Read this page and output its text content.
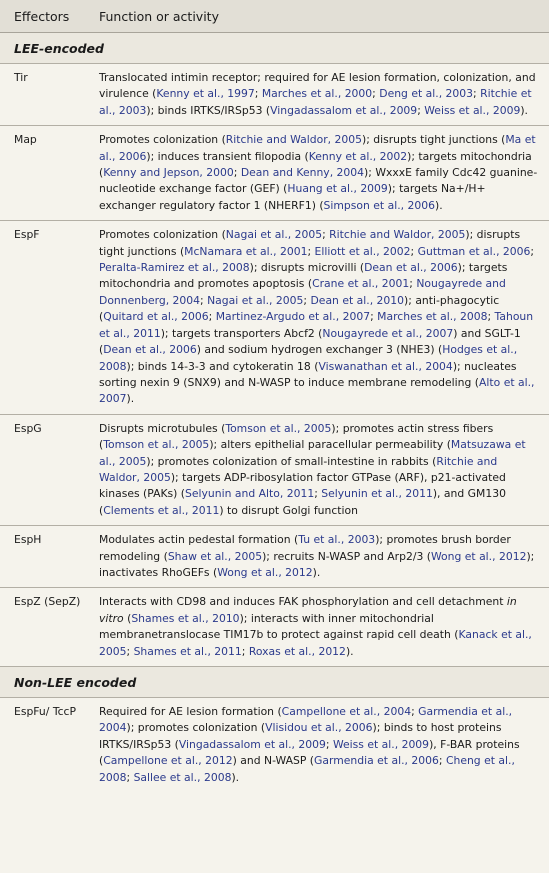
Effectors	Function or activity
LEE-encoded
Tir	Translocated intimin receptor; required for AE lesion formation, colonization, and virulence (Kenny et al., 1997; Marches et al., 2000; Deng et al., 2003; Ritchie et al., 2003); binds IRTKS/IRSp53 (Vingadassalom et al., 2009; Weiss et al., 2009).
Map	Promotes colonization (Ritchie and Waldor, 2005); disrupts tight junctions (Ma et al., 2006); induces transient filopodia (Kenny et al., 2002); targets mitochondria (Kenny and Jepson, 2000; Dean and Kenny, 2004); WxxxE family Cdc42 guanine-nucleotide exchange factor (GEF) (Huang et al., 2009); targets Na+/H+ exchanger regulatory factor 1 (NHERF1) (Simpson et al., 2006).
EspF	Promotes colonization (Nagai et al., 2005; Ritchie and Waldor, 2005); disrupts tight junctions (McNamara et al., 2001; Elliott et al., 2002; Guttman et al., 2006; Peralta-Ramirez et al., 2008); disrupts microvilli (Dean et al., 2006); targets mitochondria and promotes apoptosis (Crane et al., 2001; Nougayrede and Donnenberg, 2004; Nagai et al., 2005; Dean et al., 2010); anti-phagocytic (Quitard et al., 2006; Martinez-Argudo et al., 2007; Marches et al., 2008; Tahoun et al., 2011); targets transporters Abcf2 (Nougayrede et al., 2007) and SGLT-1 (Dean et al., 2006) and sodium hydrogen exchanger 3 (NHE3) (Hodges et al., 2008); binds 14-3-3 and cytokeratin 18 (Viswanathan et al., 2004); nucleates sorting nexin 9 (SNX9) and N-WASP to induce membrane remodeling (Alto et al., 2007).
EspG	Disrupts microtubules (Tomson et al., 2005); promotes actin stress fibers (Tomson et al., 2005); alters epithelial paracellular permeability (Matsuzawa et al., 2005); promotes colonization of small-intestine in rabbits (Ritchie and Waldor, 2005); targets ADP-ribosylation factor GTPase (ARF), p21-activated kinases (PAKs) (Selyunin and Alto, 2011; Selyunin et al., 2011), and GM130 (Clements et al., 2011) to disrupt Golgi function
EspH	Modulates actin pedestal formation (Tu et al., 2003); promotes brush border remodeling (Shaw et al., 2005); recruits N-WASP and Arp2/3 (Wong et al., 2012); inactivates RhoGEFs (Wong et al., 2012).
EspZ (SepZ)	Interacts with CD98 and induces FAK phosphorylation and cell detachment in vitro (Shames et al., 2010); interacts with inner mitochondrial membranetranslocase TIM17b to protect against rapid cell death (Kanack et al., 2005; Shames et al., 2011; Roxas et al., 2012).
Non-LEE encoded
EspFu/ TccP	Required for AE lesion formation (Campellone et al., 2004; Garmendia et al., 2004); promotes colonization (Vlisidou et al., 2006); binds to host proteins IRTKS/IRSp53 (Vingadassalom et al., 2009; Weiss et al., 2009), F-BAR proteins (Campellone et al., 2012) and N-WASP (Garmendia et al., 2006; Cheng et al., 2008; Sallee et al., 2008).
